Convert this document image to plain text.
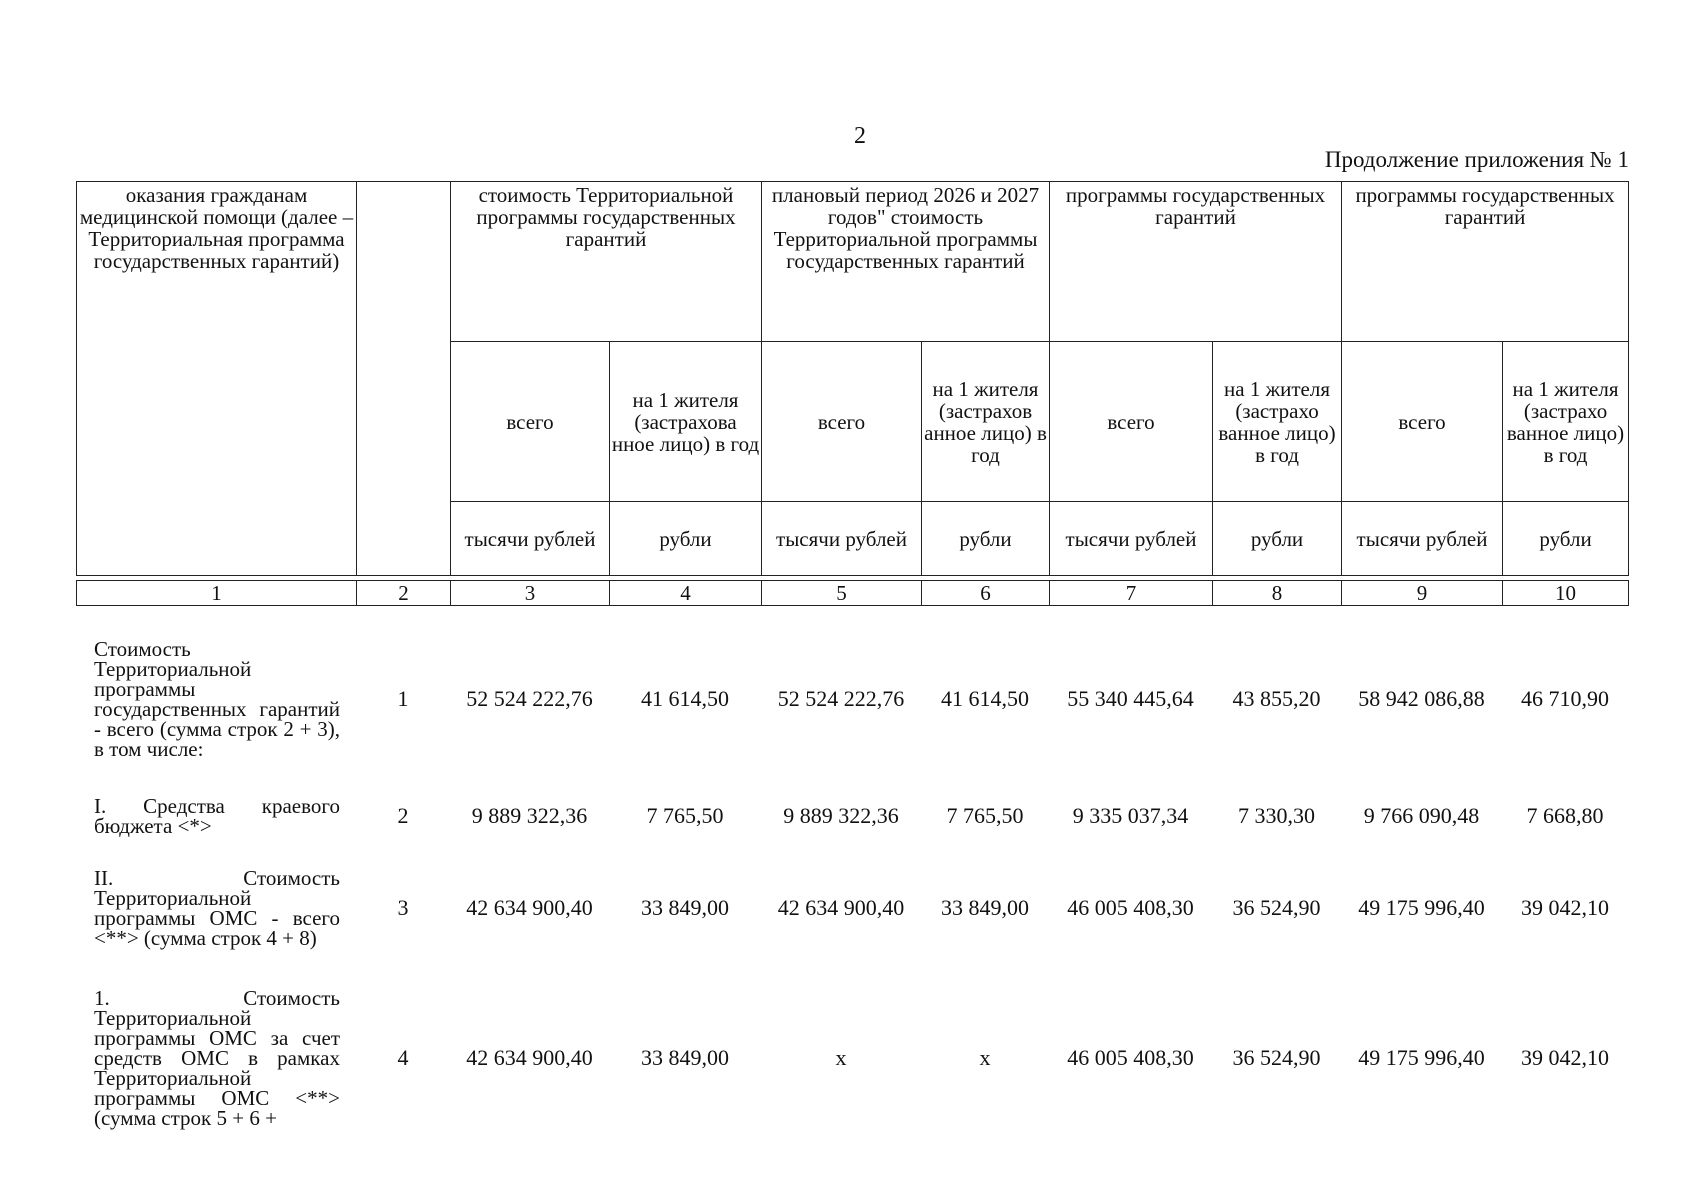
2
Продолжение приложения № 1
оказания гражданам медицинской помощи (далее – Территориальная программа государственных гарантий)		стоимость Территориальной программы государственных гарантий		плановый период 2026 и 2027 годов" стоимость Территориальной программы государственных гарантий		программы государственных гарантий		программы государственных гарантий	
		всего	на 1 жителя (застрахова нное лицо) в год	всего	на 1 жителя (застрахов анное лицо) в год	всего	на 1 жителя (застрахо ванное лицо) в год	всего	на 1 жителя (застрахо ванное лицо) в год
		тысячи рублей	рубли	тысячи рублей	рубли	тысячи рублей	рубли	тысячи рублей	рубли
1	2	3	4	5	6	7	8	9	10
Стоимость Территориальной программы государственных гарантий - всего (сумма строк 2 + 3), в том числе:	1	52 524 222,76	41 614,50	52 524 222,76	41 614,50	55 340 445,64	43 855,20	58 942 086,88	46 710,90
I. Средства краевого бюджета <*>	2	9 889 322,36	7 765,50	9 889 322,36	7 765,50	9 335 037,34	7 330,30	9 766 090,48	7 668,80
II. Стоимость Территориальной программы ОМС - всего <**> (сумма строк 4 + 8)	3	42 634 900,40	33 849,00	42 634 900,40	33 849,00	46 005 408,30	36 524,90	49 175 996,40	39 042,10
1. Стоимость Территориальной программы ОМС за счет средств ОМС в рамках Территориальной программы ОМС <**> (сумма строк 5 + 6 +	4	42 634 900,40	33 849,00	х	х	46 005 408,30	36 524,90	49 175 996,40	39 042,10
